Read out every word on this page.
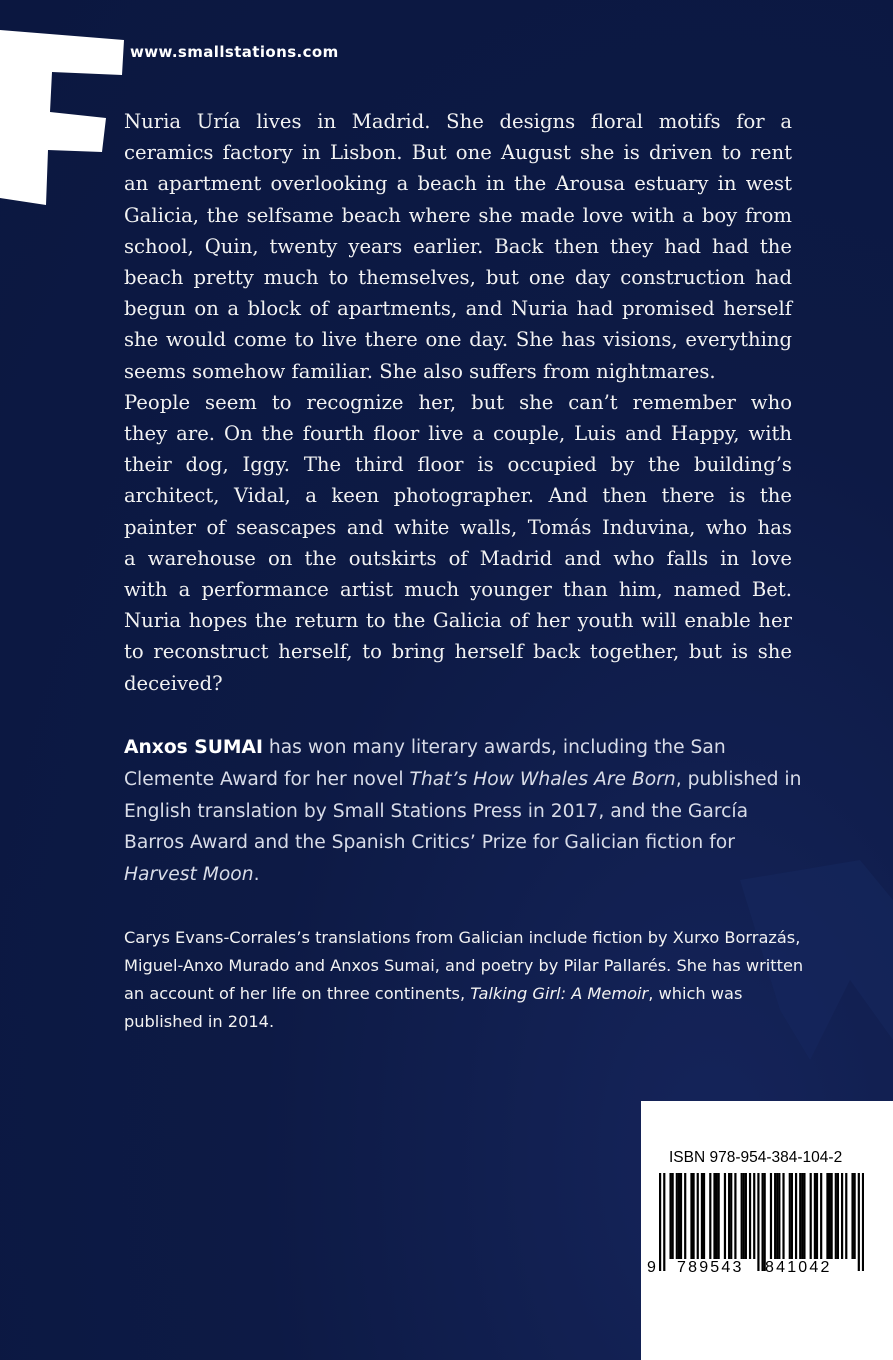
www.smallstations.com
Nuria Uría lives in Madrid. She designs floral motifs for a
ceramics factory in Lisbon. But one August she is driven to rent
an apartment overlooking a beach in the Arousa estuary in west
Galicia, the selfsame beach where she made love with a boy from
school, Quin, twenty years earlier. Back then they had had the
beach pretty much to themselves, but one day construction had
begun on a block of apartments, and Nuria had promised herself
she would come to live there one day. She has visions, everything
seems somehow familiar. She also suffers from nightmares.
People seem to recognize her, but she can’t remember who
they are. On the fourth floor live a couple, Luis and Happy, with
their dog, Iggy. The third floor is occupied by the building’s
architect, Vidal, a keen photographer. And then there is the
painter of seascapes and white walls, Tomás Induvina, who has
a warehouse on the outskirts of Madrid and who falls in love
with a performance artist much younger than him, named Bet.
Nuria hopes the return to the Galicia of her youth will enable her
to reconstruct herself, to bring herself back together, but is she
deceived?

Anxos SUMAI has won many literary awards, including the San Clemente Award for her novel That’s How Whales Are Born, published in English translation by Small Stations Press in 2017, and the García Barros Award and the Spanish Critics’ Prize for Galician fiction for Harvest Moon.

Carys Evans-Corrales’s translations from Galician include fiction by Xurxo Borrazás, Miguel-Anxo Murado and Anxos Sumai, and poetry by Pilar Pallarés. She has written an account of her life on three continents, Talking Girl: A Memoir, which was published in 2014.

ISBN 978-954-384-104-2
9 789543 841042
